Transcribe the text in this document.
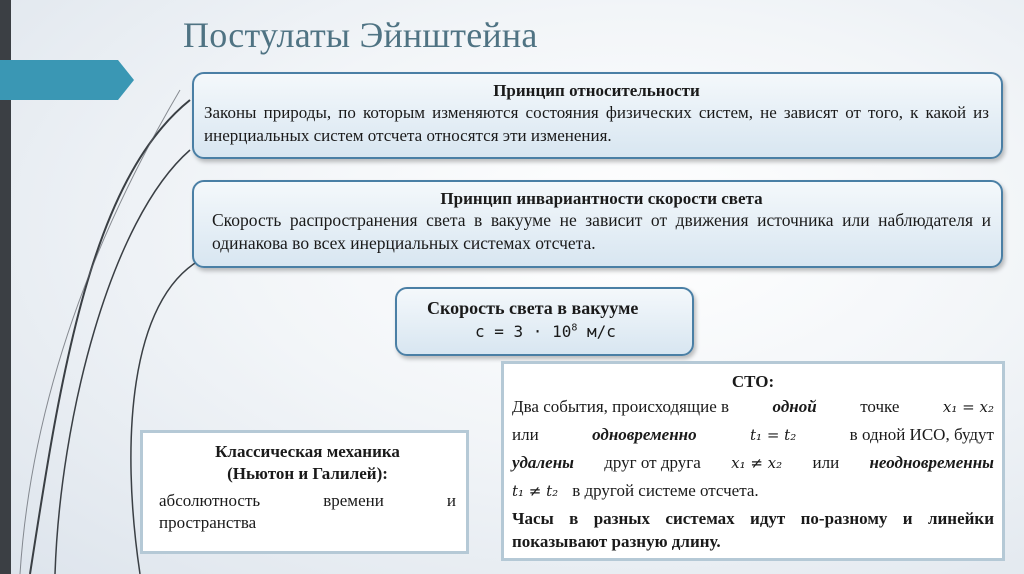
Постулаты Эйнштейна
Принцип относительности

Законы природы, по которым изменяются состояния физических систем, не зависят от того, к какой из инерциальных систем отсчета относятся эти изменения.

Принцип инвариантности скорости света

Скорость распространения света в вакууме не зависит от движения источника или наблюдателя и одинакова во всех инерциальных системах отсчета.

Скорость света в вакууме
$c = 3 \cdot 10^8$ м/с
Классическая механика
(Ньютон и Галилей):
абсолютность	времени	и
пространства
СТО:
Два события, происходящие в	одной	точке	x₁ = x₂
или	одновременно	t₁ = t₂	в одной ИСО, будут
удалены друг от друга x₁ ≠ x₂ или неодновременны
t₁ ≠ t₂ в другой системе отсчета.
Часы в разных системах идут по-разному и линейки показывают разную длину.
